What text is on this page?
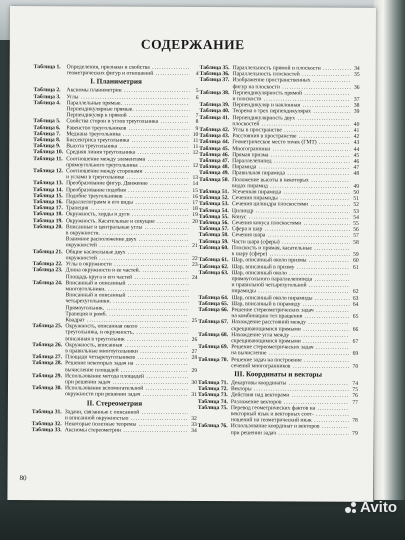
СОДЕРЖАНИЕ
Таблица 1.	Определения, признаки и свойства .....
геометрических фигур и отношений .....	4
I. Планиметрия
Таблица 2.	Аксиомы планиметрии .....	5
Таблица 3.	Углы .....	6
Таблица 4.	Параллельные прямые. .....
Перпендикулярные прямые. .....
Перпендикуляр к прямой .....	7
Таблица 5.	Свойства сторон и углов треугольника .....	8
Таблица 6.	Равенство треугольников .....	9
Таблица 7.	Медиана треугольника .....	10
Таблица 8.	Биссектриса треугольника .....	11
Таблица 9.	Высота треугольника .....	11
Таблица 10. Средняя линия треугольника .....	12
Таблица 11. Соотношение между элементами .....
прямоугольного треугольника .....	12
Таблица 12. Соотношение между сторонами .....
и углами в треугольнике .....	13
Таблица 13. Преобразование фигур. Движение .....	14
Таблица 14. Преобразование подобия .....	15
Таблица 15. Подобие треугольников .....	16
Таблица 16. Параллелограмм и его виды .....	17
Таблица 17. Трапеция .....	18
Таблица 18. Окружность, хорды и дуги .....	19
Таблица 19. Окружность. Касательные и секущие .....	20
Таблица 20. Вписанные и центральные углы .....
в окружности. .....
Взаимное расположение двух .....
окружностей .....	21
Таблица 21. Общие касательные двух .....
окружностей .....	22
Таблица 22. Углы в окружности .....	23
Таблица 23. Длина окружности и ее частей. .....
Площадь круга и его частей .....	24
Таблица 24. Вписанный и описанный .....
многоугольники. .....
Вписанный и описанный .....
четырехугольники. .....
Прямоугольник. .....
Трапеция и ромб. .....
Квадрат .....	25
Таблица 25. Окружность, описанная около .....
треугольника, и окружность, .....
вписанная в треугольник .....	26
Таблица 26. Окружность, вписанная .....
в правильные многоугольники .....	27
Таблица 27. Площади четырехугольников .....	28
Таблица 28. Решение некоторых задач на .....
вычисление площадей .....	29
Таблица 29. Использование метода площадей .....
при решении задач .....	30
Таблица 30. Использование вспомогательной .....
окружности при решении задач .....	31
II. Стереометрия
Таблица 31. Задачи, связанные с описанной .....
и вписанной окружностью .....	32
Таблица 32. Некоторые полезные теоремы .....	33
Таблица 33. Аксиомы стереометрии .....	34
Таблица 35. Параллельность прямой и плоскости .....	34
Таблица 36. Параллельность плоскостей .....	35
Таблица 37. Изображение пространственных .....
фигур на плоскости .....	36
Таблица 38. Перпендикулярность прямой .....
и плоскости .....	37
Таблица 39. Перпендикуляр и наклонная .....	38
Таблица 40. Теорема о трех перпендикулярах .....	39
Таблица 41. Перпендикулярность двух .....
плоскостей .....	40
Таблица 42. Углы в пространстве .....	41
Таблица 43. Расстояния в пространстве .....	42
Таблица 44. Геометрическое место точек (ГМТ) .....	43
Таблица 45. Многогранники .....	44
Таблица 46. Прямая призма .....	45
Таблица 47. Параллелепипед .....	46
Таблица 48. Пирамида .....	47
Таблица 49. Правильная пирамида .....	48
Таблица 50. Положение высоты в некоторых .....
видах пирамид .....	49
Таблица 51. Усеченная пирамида .....	50
Таблица 52. Сечения пирамиды .....	51
Таблица 53. Сечения цилиндра плоскостями .....	52
Таблица 54. Цилиндр .....	53
Таблица 55. Конус .....	54
Таблица 56. Сечения конуса плоскостями .....	55
Таблица 57. Сфера и шар .....	56
Таблица 58. Сечения шара .....	57
Таблица 59. Части шара (сферы) .....	58
Таблица 60. Плоскость и прямая, касательные .....
к шару (сфере) .....	59
Таблица 61. Шар, описанный около призмы .....	60
Таблица 62. Шар, вписанный в призму .....	61
Таблица 63. Шар, описанный около .....
прямоугольного параллелепипеда .....
и правильной четырехугольной .....
пирамиды .....	62
Таблица 64. Шар, описанный около пирамиды .....	63
Таблица 65. Шар, вписанный в пирамиду .....	64
Таблица 66. Решение стереометрических задач .....
на комбинацию тел вращения .....	65
Таблица 67. Нахождение расстояний между .....
скрещивающимися прямыми .....	66
Таблица 68. Нахождение угла между .....
скрещивающимися прямыми .....	67
Таблица 69. Решение стереометрических задач .....
на вычисление .....	69
Таблица 70. Решение задач на построение .....
сечений многогранников .....	70
III. Координаты и векторы
Таблица 71. Декартовы координаты .....	74
Таблица 72. Векторы .....	75
Таблица 73. Действия над векторами .....	76
Таблица 74. Разложение векторов .....	77
Таблица 75. Перевод геометрических фактов на .....
векторный язык и векторных соот- .....
ношений на геометрический язык .....	78
Таблица 76. Использование координат и векторов .....
при решении задач .....	79
80
Avito
